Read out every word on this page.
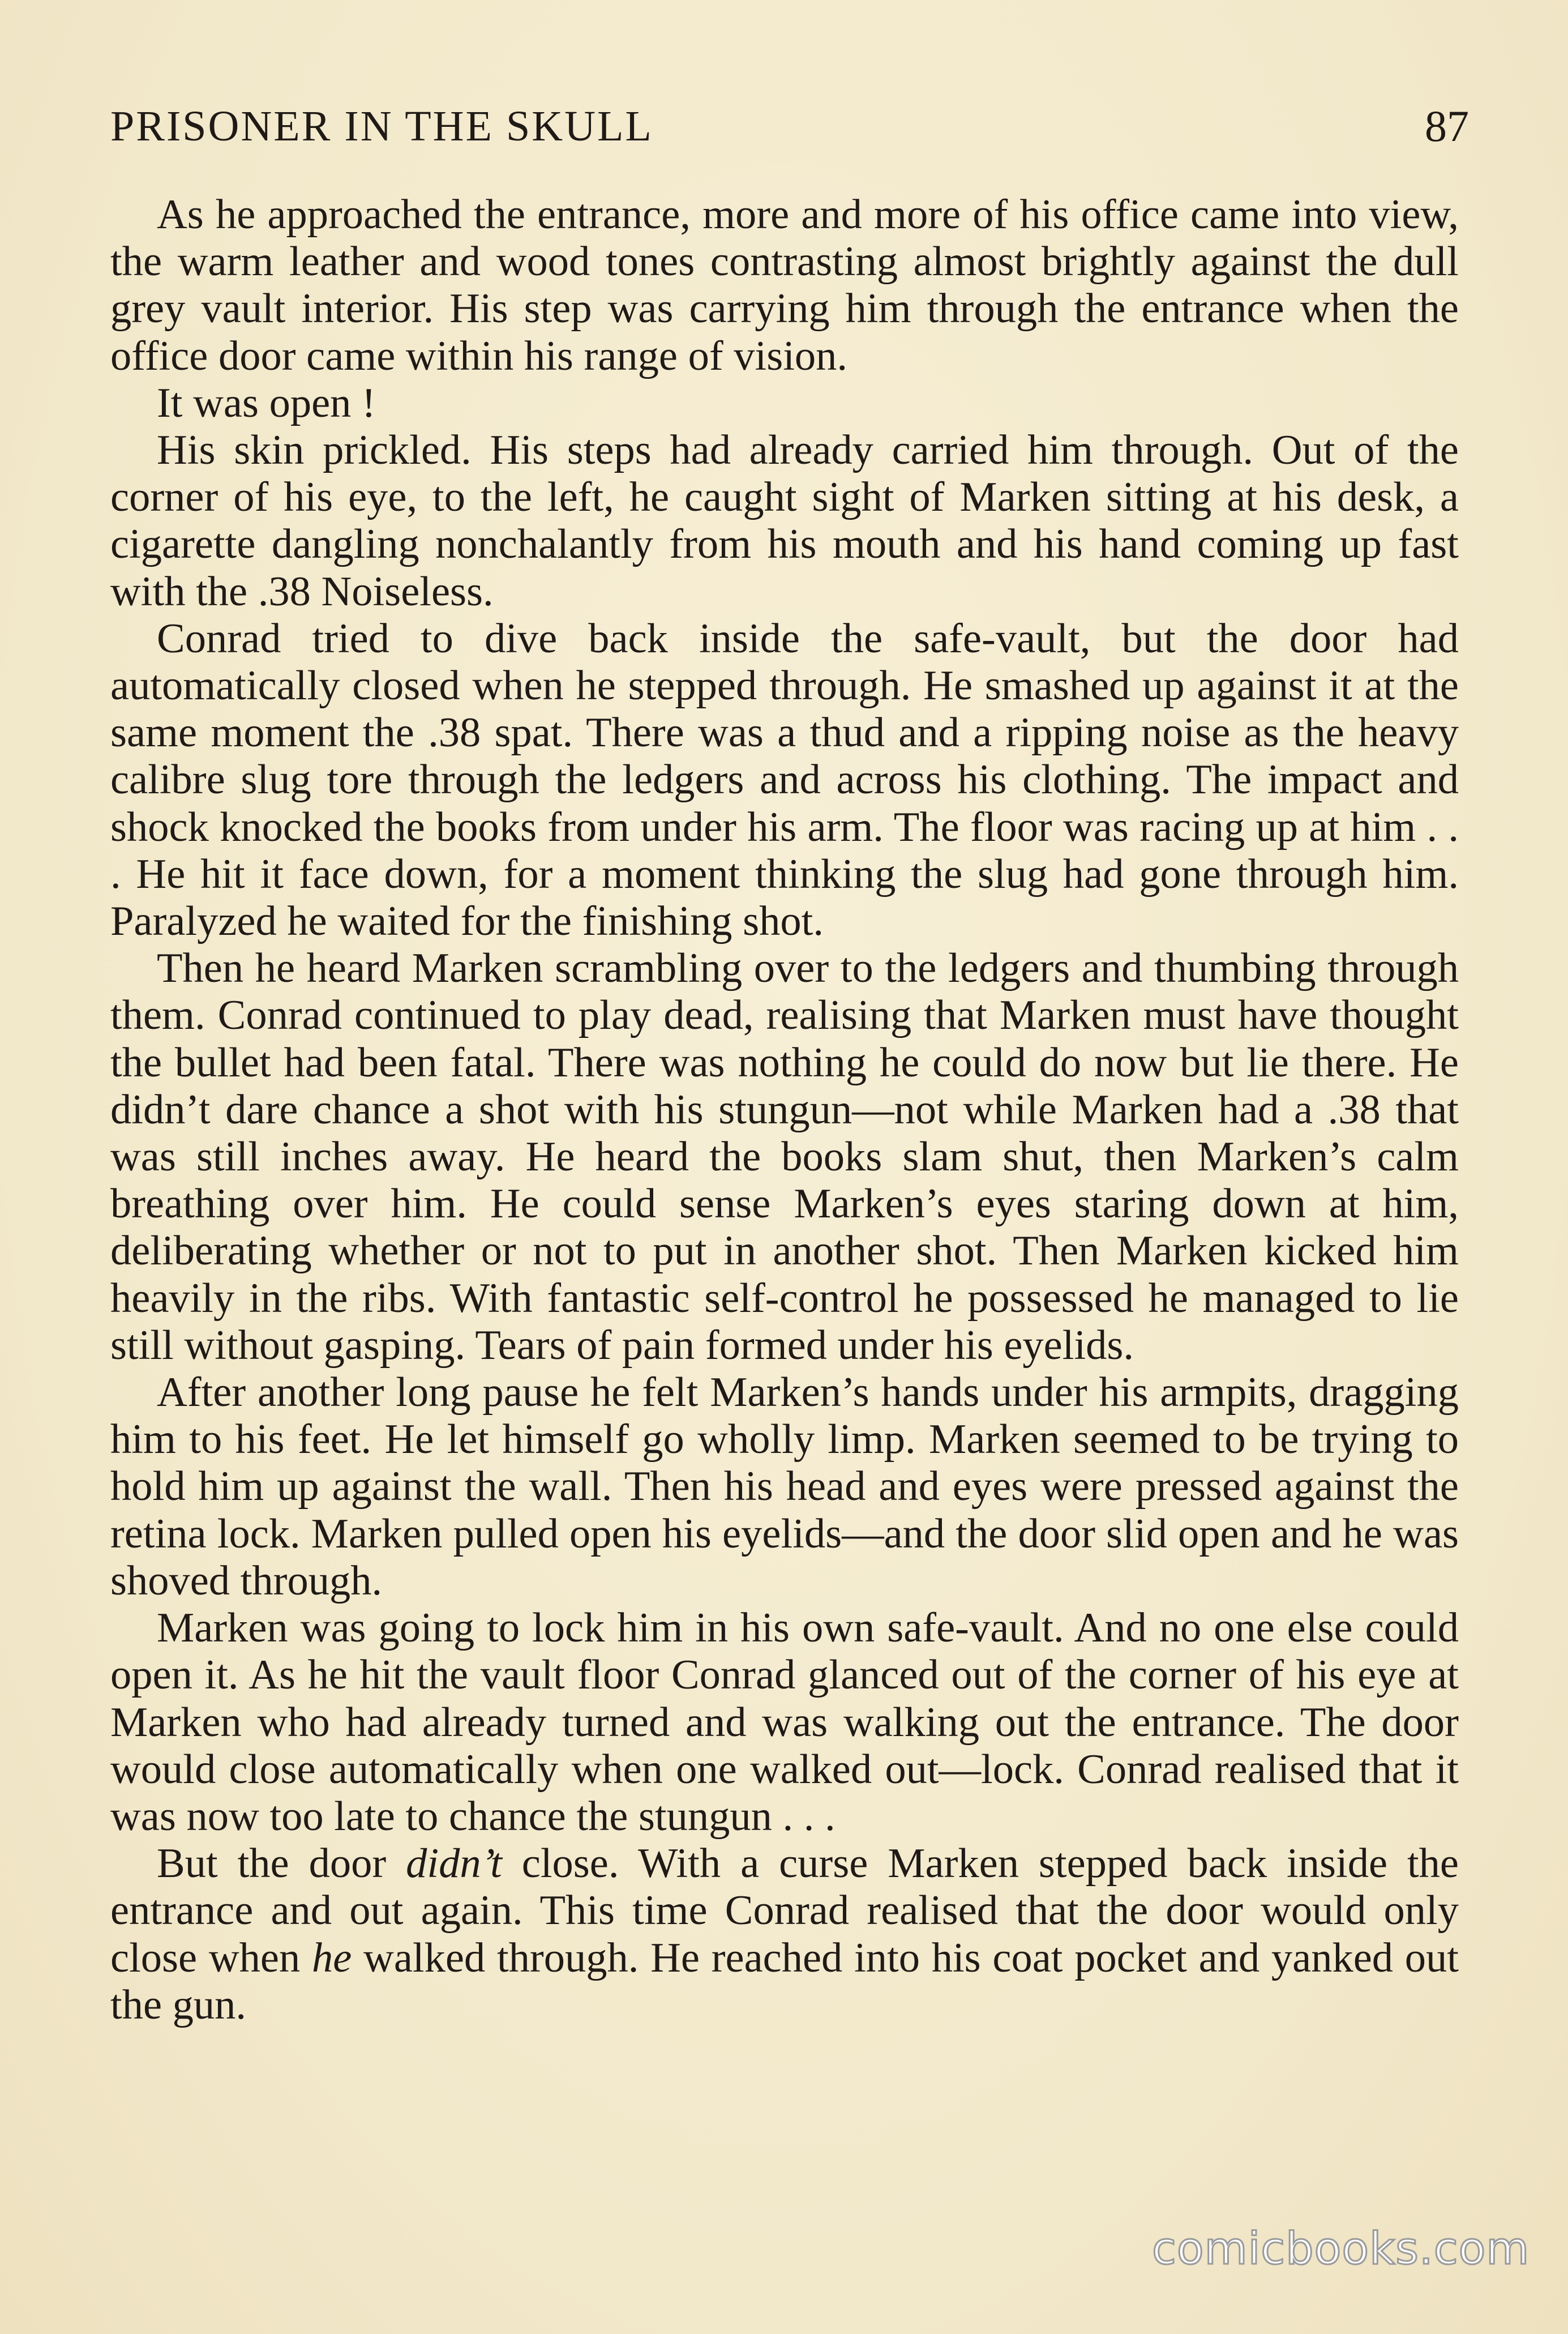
PRISONER IN THE SKULL	87

As he approached the entrance, more and more of his office came into view, the warm leather and wood tones contrasting almost brightly against the dull grey vault interior. His step was carrying him through the entrance when the office door came within his range of vision.

It was open !

His skin prickled. His steps had already carried him through. Out of the corner of his eye, to the left, he caught sight of Marken sitting at his desk, a cigarette dangling nonchalantly from his mouth and his hand coming up fast with the .38 Noiseless.

Conrad tried to dive back inside the safe-vault, but the door had automatically closed when he stepped through. He smashed up against it at the same moment the .38 spat. There was a thud and a ripping noise as the heavy calibre slug tore through the ledgers and across his clothing. The impact and shock knocked the books from under his arm. The floor was racing up at him . . . He hit it face down, for a moment thinking the slug had gone through him. Paralyzed he waited for the finishing shot.

Then he heard Marken scrambling over to the ledgers and thumbing through them. Conrad continued to play dead, realising that Marken must have thought the bullet had been fatal. There was nothing he could do now but lie there. He didn’t dare chance a shot with his stungun—not while Marken had a .38 that was still inches away. He heard the books slam shut, then Marken’s calm breathing over him. He could sense Marken’s eyes staring down at him, deliberating whether or not to put in another shot. Then Marken kicked him heavily in the ribs. With fantastic self-control he possessed he managed to lie still without gasping. Tears of pain formed under his eyelids.

After another long pause he felt Marken’s hands under his armpits, dragging him to his feet. He let himself go wholly limp. Marken seemed to be trying to hold him up against the wall. Then his head and eyes were pressed against the retina lock. Marken pulled open his eyelids—and the door slid open and he was shoved through.

Marken was going to lock him in his own safe-vault. And no one else could open it. As he hit the vault floor Conrad glanced out of the corner of his eye at Marken who had already turned and was walking out the entrance. The door would close automatically when one walked out—lock. Conrad realised that it was now too late to chance the stungun . . .

But the door didn’t close. With a curse Marken stepped back inside the entrance and out again. This time Conrad realised that the door would only close when he walked through. He reached into his coat pocket and yanked out the gun.

comicbooks.com
